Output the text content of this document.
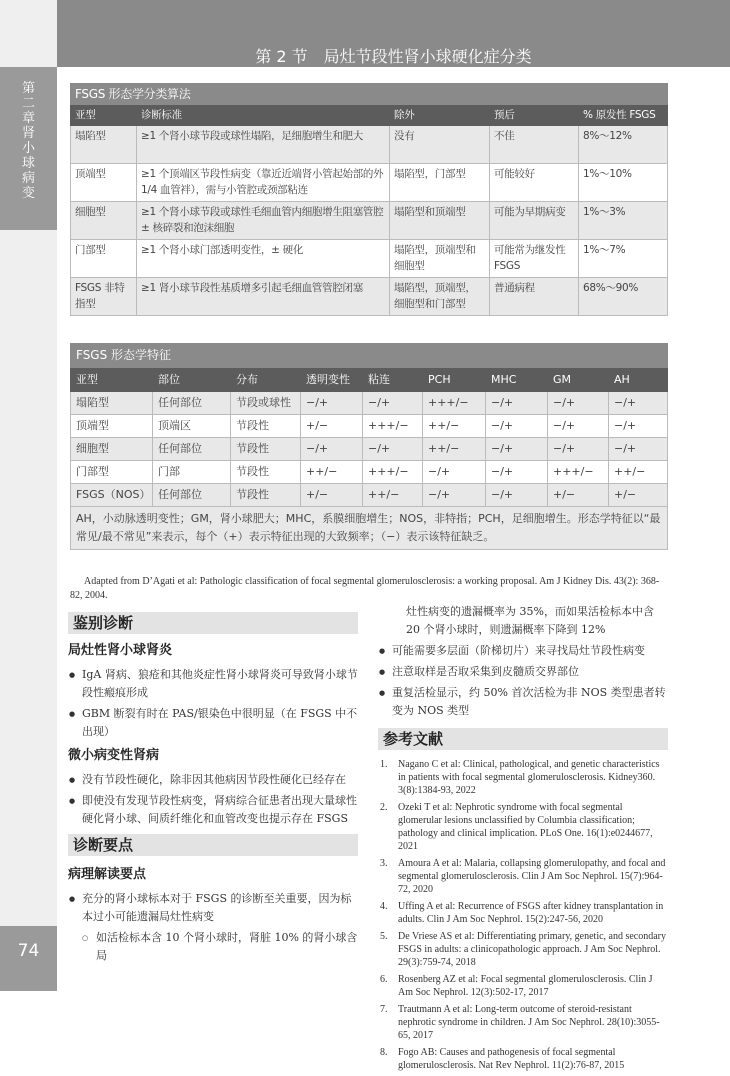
第二章　肾小球病变
74
第 2 节　局灶节段性肾小球硬化症分类
FSGS 形态学分类算法				
亚型	诊断标准	除外	预后	% 原发性 FSGS
塌陷型	≥1 个肾小球节段或球性塌陷，足细胞增生和肥大	没有	不佳	8%～12%
顶端型	≥1 个顶端区节段性病变（靠近近端肾小管起始部的外 1/4 血管袢），需与小管腔或颈部粘连	塌陷型，门部型	可能较好	1%～10%
细胞型	≥1 个肾小球节段或球性毛细血管内细胞增生阻塞管腔 ± 核碎裂和泡沫细胞	塌陷型和顶端型	可能为早期病变	1%～3%
门部型	≥1 个肾小球门部透明变性，± 硬化	塌陷型，顶端型和细胞型	可能常为继发性 FSGS	1%～7%
FSGS 非特指型	≥1 肾小球节段性基质增多引起毛细血管管腔闭塞	塌陷型，顶端型，细胞型和门部型	普通病程	68%～90%
FSGS 形态学特征								
亚型	部位	分布	透明变性	粘连	PCH	MHC	GM	AH
塌陷型	任何部位	节段或球性	−/+	−/+	+++/−	−/+	−/+	−/+
顶端型	顶端区	节段性	+/−	+++/−	++/−	−/+	−/+	−/+
细胞型	任何部位	节段性	−/+	−/+	++/−	−/+	−/+	−/+
门部型	门部	节段性	++/−	+++/−	−/+	−/+	+++/−	++/−
FSGS（NOS）	任何部位	节段性	+/−	++/−	−/+	−/+	+/−	+/−
AH，小动脉透明变性；GM，肾小球肥大；MHC，系膜细胞增生；NOS，非特指；PCH，足细胞增生。形态学特征以“最常见/最不常见”来表示，每个（+）表示特征出现的大致频率；（−）表示该特征缺乏。								
Adapted from D’Agati et al: Pathologic classification of focal segmental glomerulosclerosis: a working proposal. Am J Kidney Dis. 43(2): 368-82, 2004.
鉴别诊断
局灶性肾小球肾炎
● IgA 肾病、狼疮和其他炎症性肾小球肾炎可导致肾小球节段性瘢痕形成
● GBM 断裂有时在 PAS/银染色中很明显（在 FSGS 中不出现）
微小病变性肾病
● 没有节段性硬化，除非因其他病因节段性硬化已经存在
● 即使没有发现节段性病变，肾病综合征患者出现大量球性硬化肾小球、间质纤维化和血管改变也提示存在 FSGS
诊断要点
病理解读要点
● 充分的肾小球标本对于 FSGS 的诊断至关重要，因为标本过小可能遗漏局灶性病变
○ 如活检标本含 10 个肾小球时，肾脏 10% 的肾小球含局
灶性病变的遗漏概率为 35%，而如果活检标本中含 20 个肾小球时，则遗漏概率下降到 12%
● 可能需要多层面（阶梯切片）来寻找局灶节段性病变
● 注意取样是否取采集到皮髓质交界部位
● 重复活检显示，约 50% 首次活检为非 NOS 类型患者转变为 NOS 类型
参考文献
1. Nagano C et al: Clinical, pathological, and genetic characteristics in patients with focal segmental glomerulosclerosis. Kidney360. 3(8):1384-93, 2022
2. Ozeki T et al: Nephrotic syndrome with focal segmental glomerular lesions unclassified by Columbia classification; pathology and clinical implication. PLoS One. 16(1):e0244677, 2021
3. Amoura A et al: Malaria, collapsing glomerulopathy, and focal and segmental glomerulosclerosis. Clin J Am Soc Nephrol. 15(7):964-72, 2020
4. Uffing A et al: Recurrence of FSGS after kidney transplantation in adults. Clin J Am Soc Nephrol. 15(2):247-56, 2020
5. De Vriese AS et al: Differentiating primary, genetic, and secondary FSGS in adults: a clinicopathologic approach. J Am Soc Nephrol. 29(3):759-74, 2018
6. Rosenberg AZ et al: Focal segmental glomerulosclerosis. Clin J Am Soc Nephrol. 12(3):502-17, 2017
7. Trautmann A et al: Long-term outcome of steroid-resistant nephrotic syndrome in children. J Am Soc Nephrol. 28(10):3055-65, 2017
8. Fogo AB: Causes and pathogenesis of focal segmental glomerulosclerosis. Nat Rev Nephrol. 11(2):76-87, 2015
